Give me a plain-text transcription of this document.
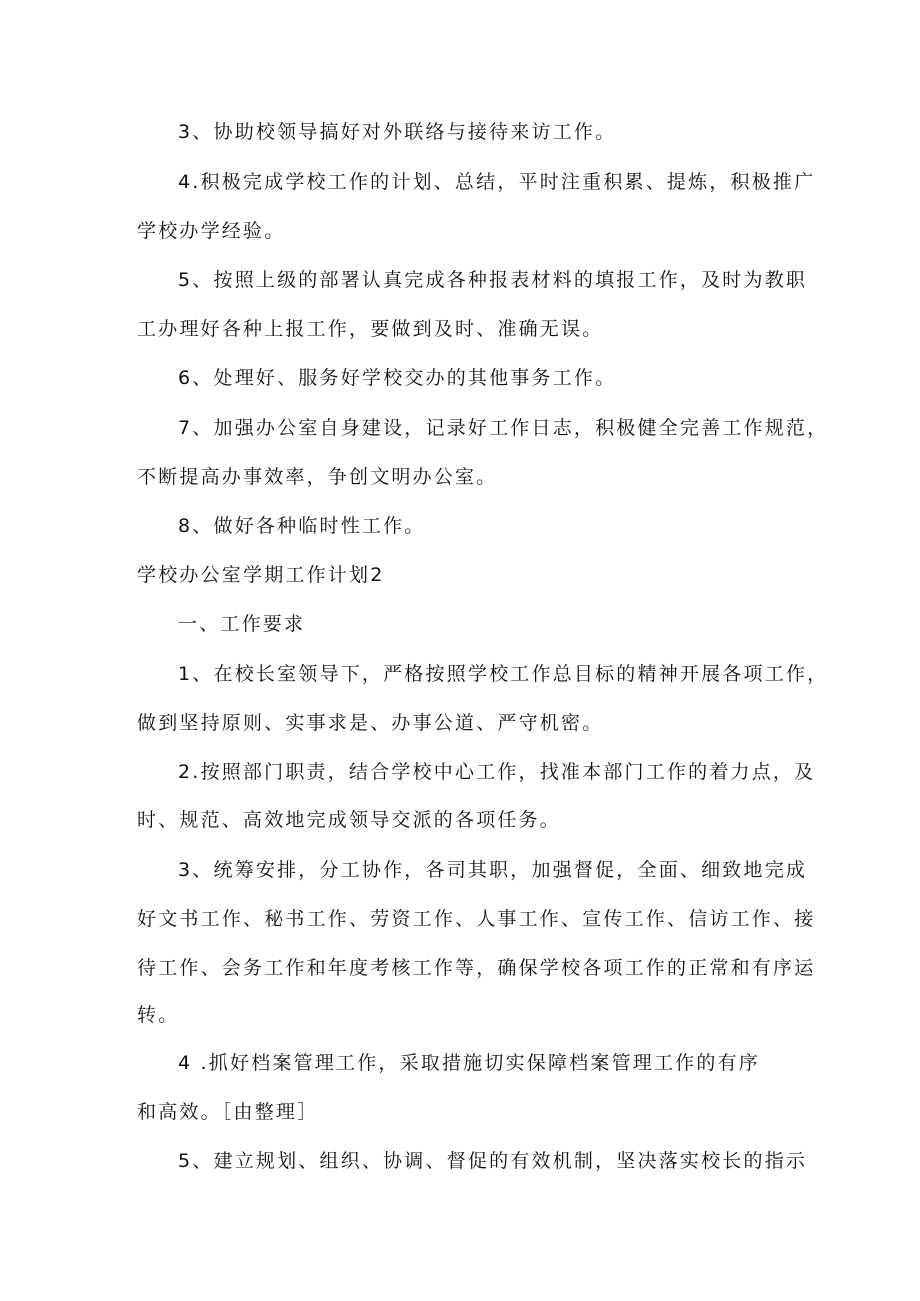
3、协助校领导搞好对外联络与接待来访工作。
4.积极完成学校工作的计划、总结，平时注重积累、提炼，积极推广
学校办学经验。
5、按照上级的部署认真完成各种报表材料的填报工作，及时为教职
工办理好各种上报工作，要做到及时、准确无误。
6、处理好、服务好学校交办的其他事务工作。
7、加强办公室自身建设，记录好工作日志，积极健全完善工作规范，
不断提高办事效率，争创文明办公室。
8、做好各种临时性工作。
学校办公室学期工作计划2
一、工作要求
1、在校长室领导下，严格按照学校工作总目标的精神开展各项工作，
做到坚持原则、实事求是、办事公道、严守机密。
2.按照部门职责，结合学校中心工作，找准本部门工作的着力点，及
时、规范、高效地完成领导交派的各项任务。
3、统筹安排，分工协作，各司其职，加强督促，全面、细致地完成
好文书工作、秘书工作、劳资工作、人事工作、宣传工作、信访工作、接
待工作、会务工作和年度考核工作等，确保学校各项工作的正常和有序运
转。
4 .抓好档案管理工作，采取措施切实保障档案管理工作的有序
和高效。［由整理］
5、建立规划、组织、协调、督促的有效机制，坚决落实校长的指示
